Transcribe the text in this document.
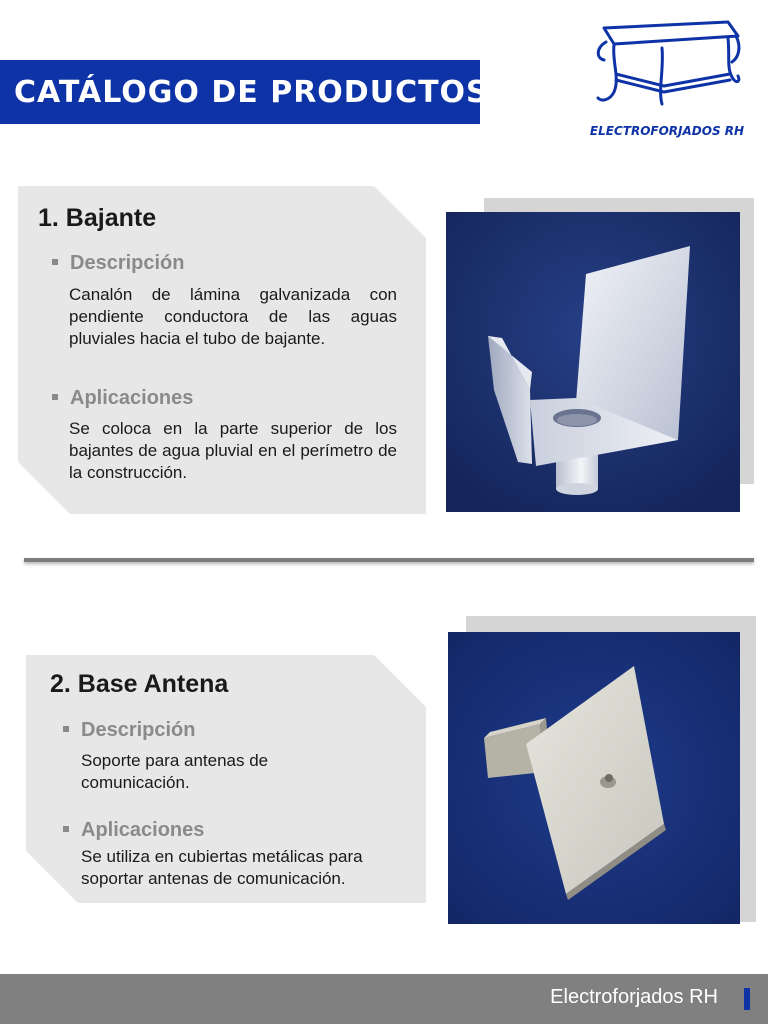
CATÁLOGO DE PRODUCTOS
ELECTROFORJADOS RH
1. Bajante
Descripción
Canalón de lámina galvanizada con pendiente conductora de las aguas pluviales hacia el tubo de bajante.
Aplicaciones
Se coloca en la parte superior de los bajantes de agua pluvial en el perímetro de la construcción.
2. Base Antena
Descripción
Soporte para antenas de comunicación.
Aplicaciones
Se utiliza en cubiertas metálicas para soportar antenas de comunicación.
Electroforjados RH
